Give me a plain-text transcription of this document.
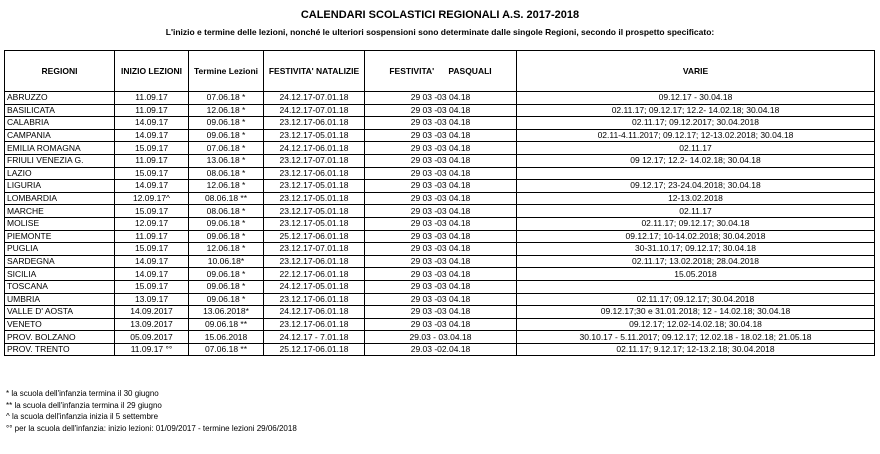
CALENDARI SCOLASTICI REGIONALI A.S. 2017-2018
L'inizio e termine delle lezioni, nonché le ulteriori sospensioni sono determinate dalle singole Regioni, secondo il prospetto specificato:
REGIONI	INIZIO LEZIONI	Termine Lezioni	FESTIVITA' NATALIZIE	FESTIVITA'      PASQUALI	VARIE
ABRUZZO	11.09.17	07.06.18 *	24.12.17-07.01.18	29 03 -03 04.18	09.12.17 - 30.04.18
BASILICATA	11.09.17	12.06.18 *	24.12.17-07.01.18	29 03 -03 04.18	02.11.17; 09.12.17; 12.2- 14.02.18; 30.04.18
CALABRIA	14.09.17	09.06.18 *	23.12.17-06.01.18	29 03 -03 04.18	02.11.17; 09.12.2017; 30.04.2018
CAMPANIA	14.09.17	09.06.18 *	23.12.17-05.01.18	29 03 -03 04.18	02.11-4.11.2017; 09.12.17; 12-13.02.2018; 30.04.18
EMILIA ROMAGNA	15.09.17	07.06.18 *	24.12.17-06.01.18	29 03 -03 04.18	02.11.17
FRIULI VENEZIA G.	11.09.17	13.06.18 *	23.12.17-07.01.18	29 03 -03 04.18	09 12.17; 12.2- 14.02.18; 30.04.18
LAZIO	15.09.17	08.06.18 *	23.12.17-06.01.18	29 03 -03 04.18	
LIGURIA	14.09.17	12.06.18 *	23.12.17-05.01.18	29 03 -03 04.18	09.12.17; 23-24.04.2018; 30.04.18
LOMBARDIA	12.09.17^	08.06.18 **	23.12.17-05.01.18	29 03 -03 04.18	12-13.02.2018
MARCHE	15.09.17	08.06.18 *	23.12.17-05.01.18	29 03 -03 04.18	02.11.17
MOLISE	12.09.17	09.06.18 *	23.12.17-05.01.18	29 03 -03 04.18	02.11.17; 09.12.17; 30.04.18
PIEMONTE	11.09.17	09.06.18 *	25.12.17-06.01.18	29 03 -03 04.18	09.12.17; 10-14.02.2018; 30.04.2018
PUGLIA	15.09.17	12.06.18 *	23.12.17-07.01.18	29 03 -03 04.18	30-31.10.17; 09.12.17; 30.04.18
SARDEGNA	14.09.17	10.06.18*	23.12.17-06.01.18	29 03 -03 04.18	02.11.17; 13.02.2018; 28.04.2018
SICILIA	14.09.17	09.06.18 *	22.12.17-06.01.18	29 03 -03 04.18	15.05.2018
TOSCANA	15.09.17	09.06.18 *	24.12.17-05.01.18	29 03 -03 04.18	
UMBRIA	13.09.17	09.06.18 *	23.12.17-06.01.18	29 03 -03 04.18	02.11.17; 09.12.17; 30.04.2018
VALLE D' AOSTA	14.09.2017	13.06.2018*	24.12.17-06.01.18	29 03 -03 04.18	09.12.17;30 e 31.01.2018; 12 - 14.02.18; 30.04.18
VENETO	13.09.2017	09.06.18 **	23.12.17-06.01.18	29 03 -03 04.18	09.12.17; 12.02-14.02.18; 30.04.18
PROV. BOLZANO	05.09.2017	15.06.2018	24.12.17 - 7.01.18	29.03 - 03.04.18	30.10.17 - 5.11.2017; 09.12.17; 12.02.18 - 18.02.18; 21.05.18
PROV. TRENTO	11.09.17 °°	07.06.18 **	25.12.17-06.01.18	29.03 -02.04.18	02.11.17; 9.12.17; 12-13.2.18; 30.04.2018
* la scuola dell'infanzia termina il 30 giugno
** la scuola dell'infanzia termina il 29 giugno
^ la scuola dell'infanzia inizia il 5 settembre
°° per la scuola dell'infanzia: inizio lezioni: 01/09/2017 - termine lezioni 29/06/2018
